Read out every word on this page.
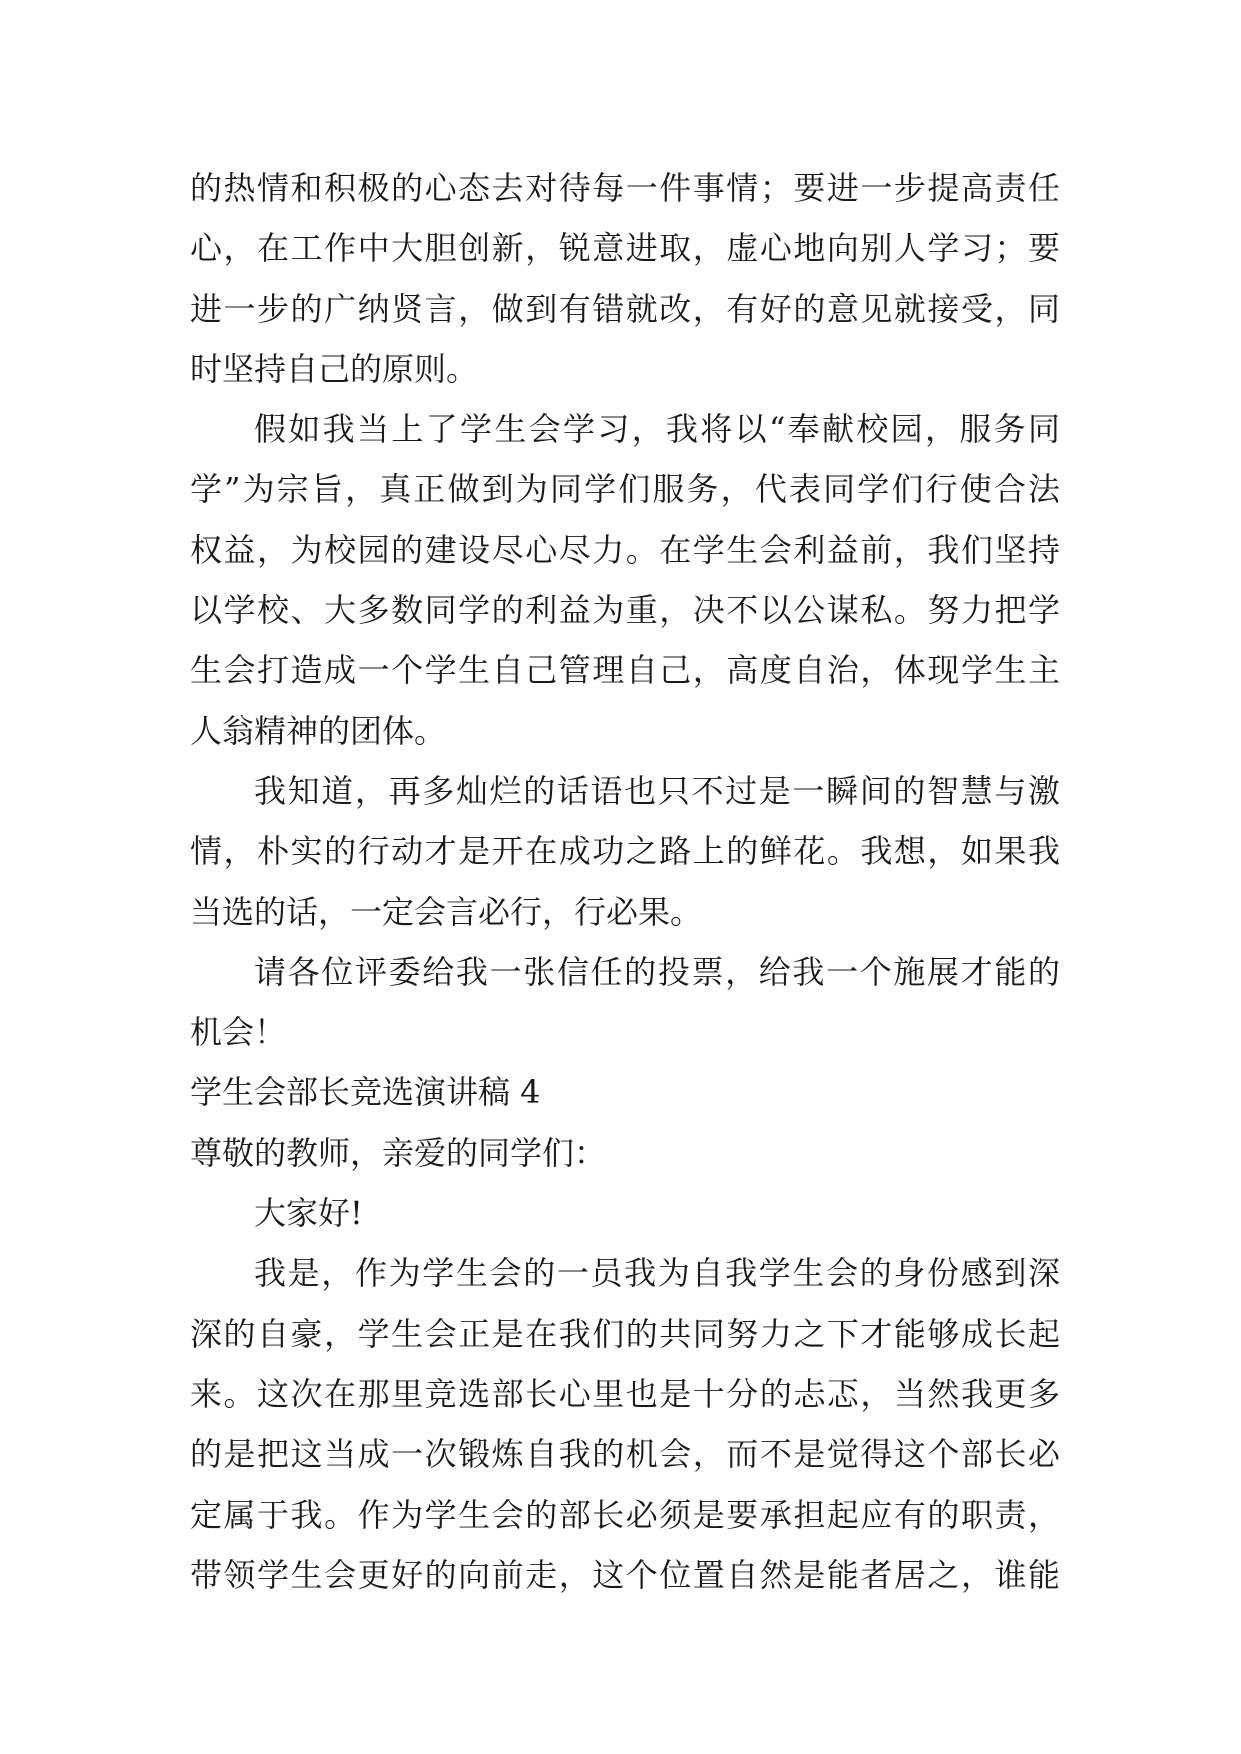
的热情和积极的心态去对待每一件事情；要进一步提高责任
心，在工作中大胆创新，锐意进取，虚心地向别人学习；要
进一步的广纳贤言，做到有错就改，有好的意见就接受，同
时坚持自己的原则。
假如我当上了学生会学习，我将以“奉献校园，服务同
学”为宗旨，真正做到为同学们服务，代表同学们行使合法
权益，为校园的建设尽心尽力。在学生会利益前，我们坚持
以学校、大多数同学的利益为重，决不以公谋私。努力把学
生会打造成一个学生自己管理自己，高度自治，体现学生主
人翁精神的团体。
我知道，再多灿烂的话语也只不过是一瞬间的智慧与激
情，朴实的行动才是开在成功之路上的鲜花。我想，如果我
当选的话，一定会言必行，行必果。
请各位评委给我一张信任的投票，给我一个施展才能的
机会！
学生会部长竞选演讲稿 4
尊敬的教师，亲爱的同学们：
大家好!
我是，作为学生会的一员我为自我学生会的身份感到深
深的自豪，学生会正是在我们的共同努力之下才能够成长起
来。这次在那里竞选部长心里也是十分的忐忑，当然我更多
的是把这当成一次锻炼自我的机会，而不是觉得这个部长必
定属于我。作为学生会的部长必须是要承担起应有的职责，
带领学生会更好的向前走，这个位置自然是能者居之，谁能
